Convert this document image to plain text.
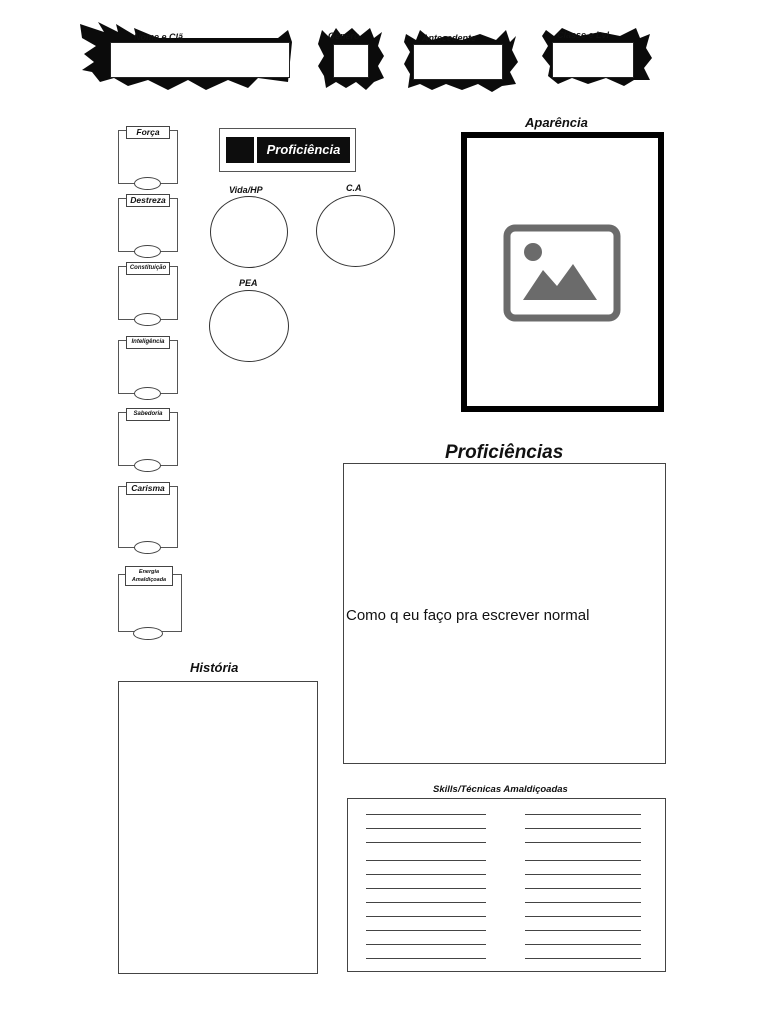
Nome e Clã	Gênero	Antecedente	Classe e Lvl
Força
Destreza
Constituição
Inteligência
Sabedoria
Carisma
Energia Amaldiçoada
Proficiência
Vida/HP	C.A
PEA
Aparência
Proficiências
Como q eu faço pra escrever normal
História
Skills/Técnicas Amaldiçoadas
